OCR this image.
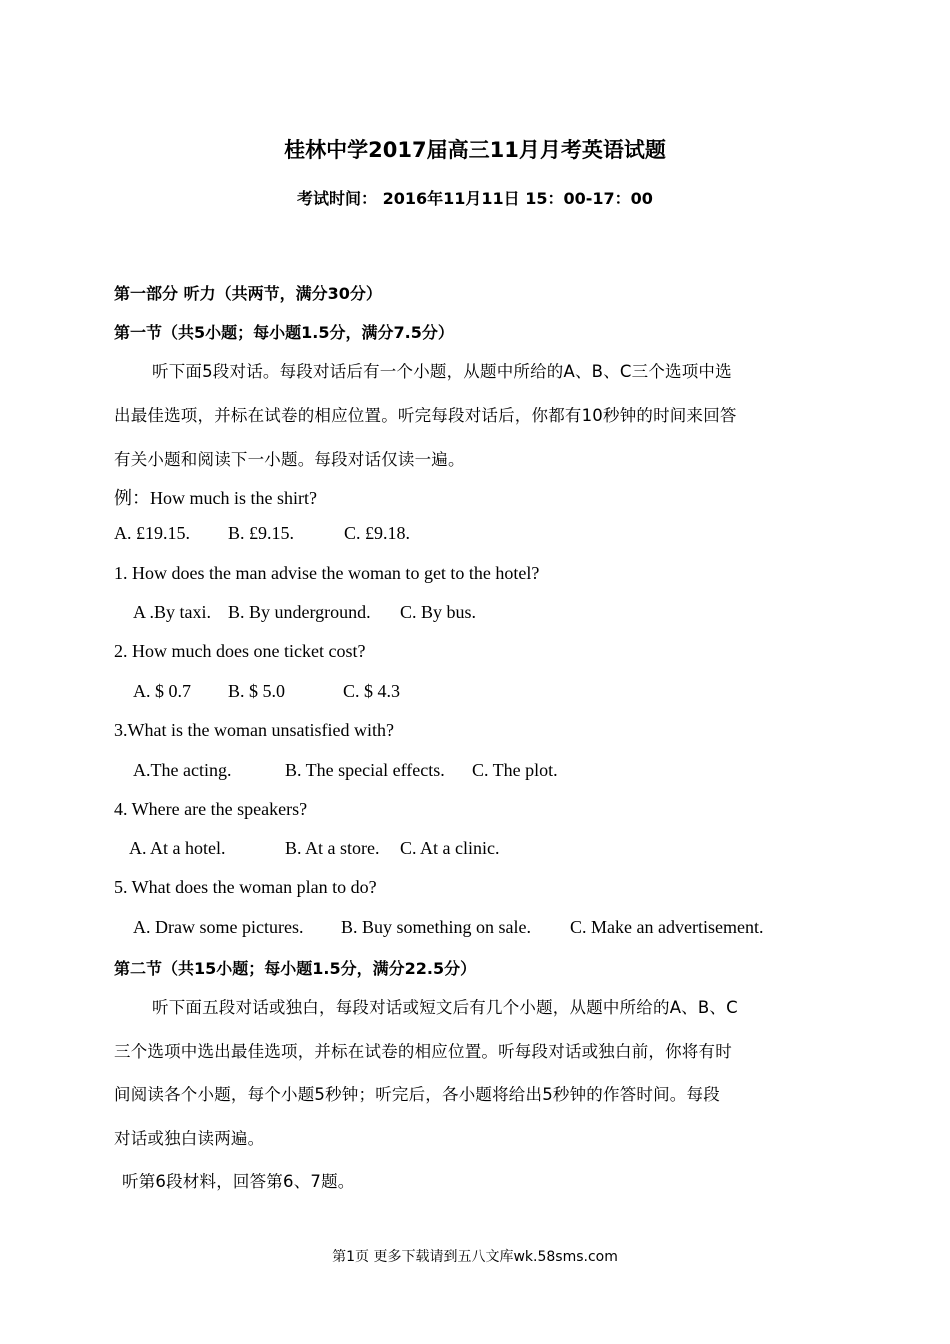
桂林中学2017届高三11月月考英语试题
考试时间： 2016年11月11日 15：00-17：00
第一部分 听力（共两节，满分30分）
第一节（共5小题；每小题1.5分，满分7.5分）
听下面5段对话。每段对话后有一个小题，从题中所给的A、B、C三个选项中选
出最佳选项，并标在试卷的相应位置。听完每段对话后，你都有10秒钟的时间来回答
有关小题和阅读下一小题。每段对话仅读一遍。
例：How much is the shirt?
A. £19.15. B. £9.15.	C. £9.18.
1. How does the man advise the woman to get to the hotel?
A .By taxi. B. By underground. C. By bus.
2. How much does one ticket cost?
A. $ 0.7 B. $ 5.0	C. $ 4.3
3.What is the woman unsatisfied with?
A.The acting.	B. The special effects. C. The plot.
4. Where are the speakers?
A. At a hotel.	B. At a store. C. At a clinic.
5. What does the woman plan to do?
A. Draw some pictures. B. Buy something on sale. C. Make an advertisement.
第二节（共15小题；每小题1.5分，满分22.5分）
听下面五段对话或独白，每段对话或短文后有几个小题，从题中所给的A、B、C
三个选项中选出最佳选项，并标在试卷的相应位置。听每段对话或独白前，你将有时
间阅读各个小题，每个小题5秒钟；听完后，各小题将给出5秒钟的作答时间。每段
对话或独白读两遍。
听第6段材料，回答第6、7题。
第1页 更多下载请到五八文库wk.58sms.com
